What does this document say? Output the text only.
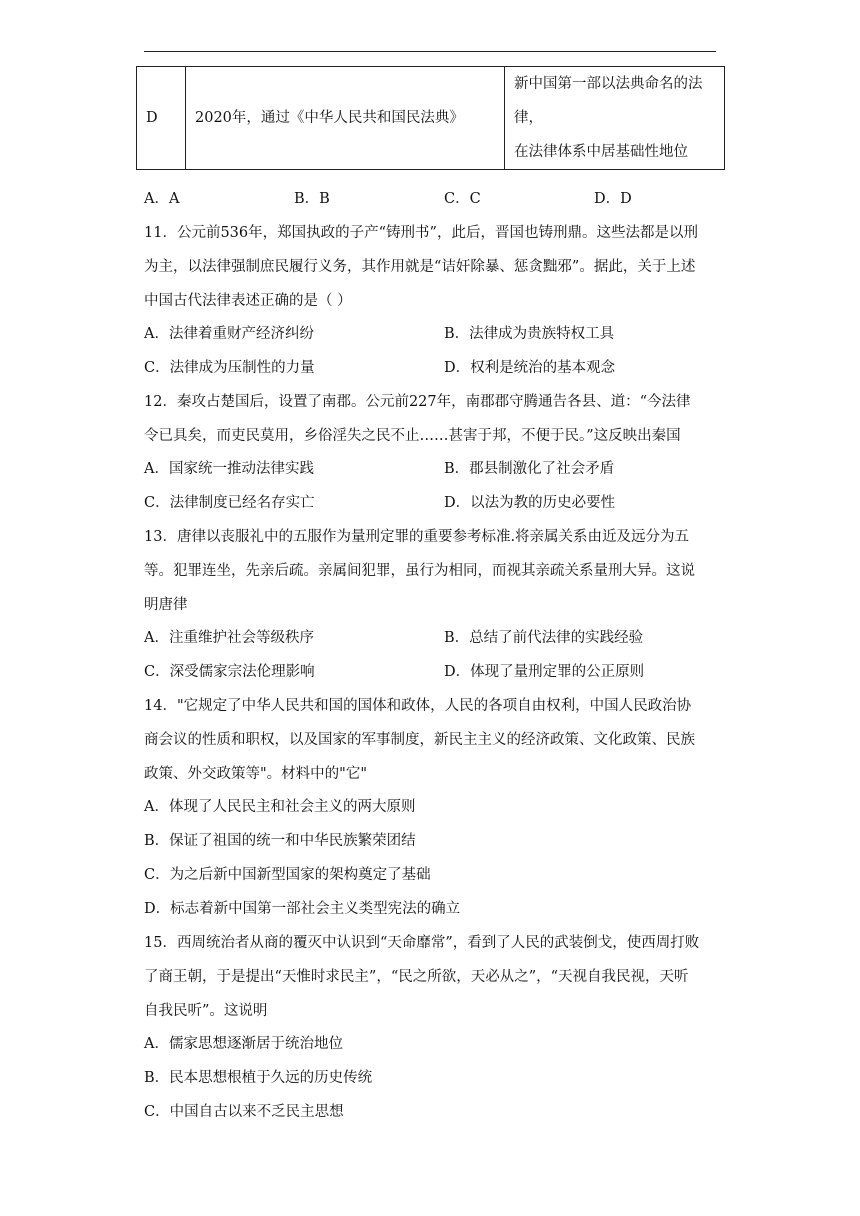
D	2020年，通过《中华人民共和国民法典》	
新中国第一部以法典命名的法律，
在法律体系中居基础性地位
A．A	B．B	C．C	D．D
11．公元前536年，郑国执政的子产“铸刑书”，此后，晋国也铸刑鼎。这些法都是以刑
为主，以法律强制庶民履行义务，其作用就是“诘奸除暴、惩贪黜邪”。据此，关于上述
中国古代法律表述正确的是（ ）
A．法律着重财产经济纠纷	B．法律成为贵族特权工具
C．法律成为压制性的力量	D．权利是统治的基本观念
12．秦攻占楚国后，设置了南郡。公元前227年，南郡郡守腾通告各县、道：“今法律
令已具矣，而吏民莫用，乡俗淫失之民不止……甚害于邦，不便于民。”这反映出秦国
A．国家统一推动法律实践	B．郡县制激化了社会矛盾
C．法律制度已经名存实亡	D．以法为教的历史必要性
13．唐律以丧服礼中的五服作为量刑定罪的重要参考标准.将亲属关系由近及远分为五
等。犯罪连坐，先亲后疏。亲属间犯罪，虽行为相同，而视其亲疏关系量刑大异。这说
明唐律
A．注重维护社会等级秩序	B．总结了前代法律的实践经验
C．深受儒家宗法伦理影响	D．体现了量刑定罪的公正原则
14．"它规定了中华人民共和国的国体和政体，人民的各项自由权利，中国人民政治协
商会议的性质和职权，以及国家的军事制度，新民主主义的经济政策、文化政策、民族
政策、外交政策等"。材料中的"它"
A．体现了人民民主和社会主义的两大原则
B．保证了祖国的统一和中华民族繁荣团结
C．为之后新中国新型国家的架构奠定了基础
D．标志着新中国第一部社会主义类型宪法的确立
15．西周统治者从商的覆灭中认识到“天命靡常”，看到了人民的武装倒戈，使西周打败
了商王朝，于是提出“天惟时求民主”，“民之所欲，天必从之”，“天视自我民视，天听
自我民听”。这说明
A．儒家思想逐渐居于统治地位
B．民本思想根植于久远的历史传统
C．中国自古以来不乏民主思想
